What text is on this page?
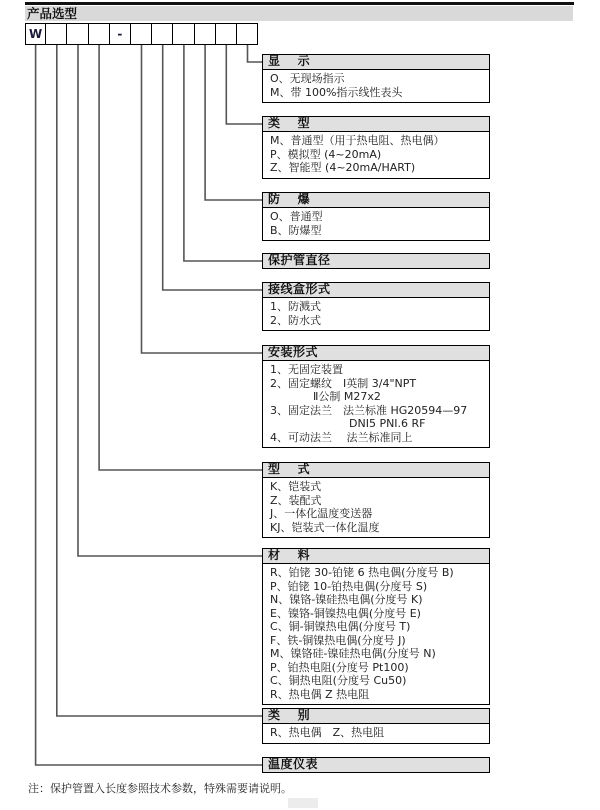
产品选型
W	-
显　 示
O、无现场指示
M、带 100%指示线性表头
类　 型
M、普通型（用于热电阻、热电偶）
P、模拟型 (4~20mA)
Z、智能型 (4~20mA/HART)
防　 爆
O、普通型
B、防爆型
保护管直径
接线盒形式
1、防溅式
2、防水式
安装形式
1、无固定装置
2、固定螺纹　Ⅰ英制 3/4"NPT
Ⅱ公制 M27x2
3、固定法兰　法兰标准 HG20594—97
DNI5 PNI.6 RF
4、可动法兰　 法兰标准同上
型　 式
K、铠装式
Z、装配式
J、一体化温度变送器
KJ、铠装式一体化温度
材　 料
R、铂铑 30-铂铑 6 热电偶(分度号 B)
P、铂铑 10-铂热电偶(分度号 S)
N、镍铬-镍硅热电偶(分度号 K)
E、镍铬-铜镍热电偶(分度号 E)
C、铜-铜镍热电偶(分度号 T)
F、铁-铜镍热电偶(分度号 J)
M、镍铬硅-镍硅热电偶(分度号 N)
P、铂热电阻(分度号 Pt100)
C、铜热电阻(分度号 Cu50)
R、热电偶 Z 热电阻
类　 别
R、热电偶　Z、热电阻
温度仪表
注：保护管置入长度参照技术参数，特殊需要请说明。
